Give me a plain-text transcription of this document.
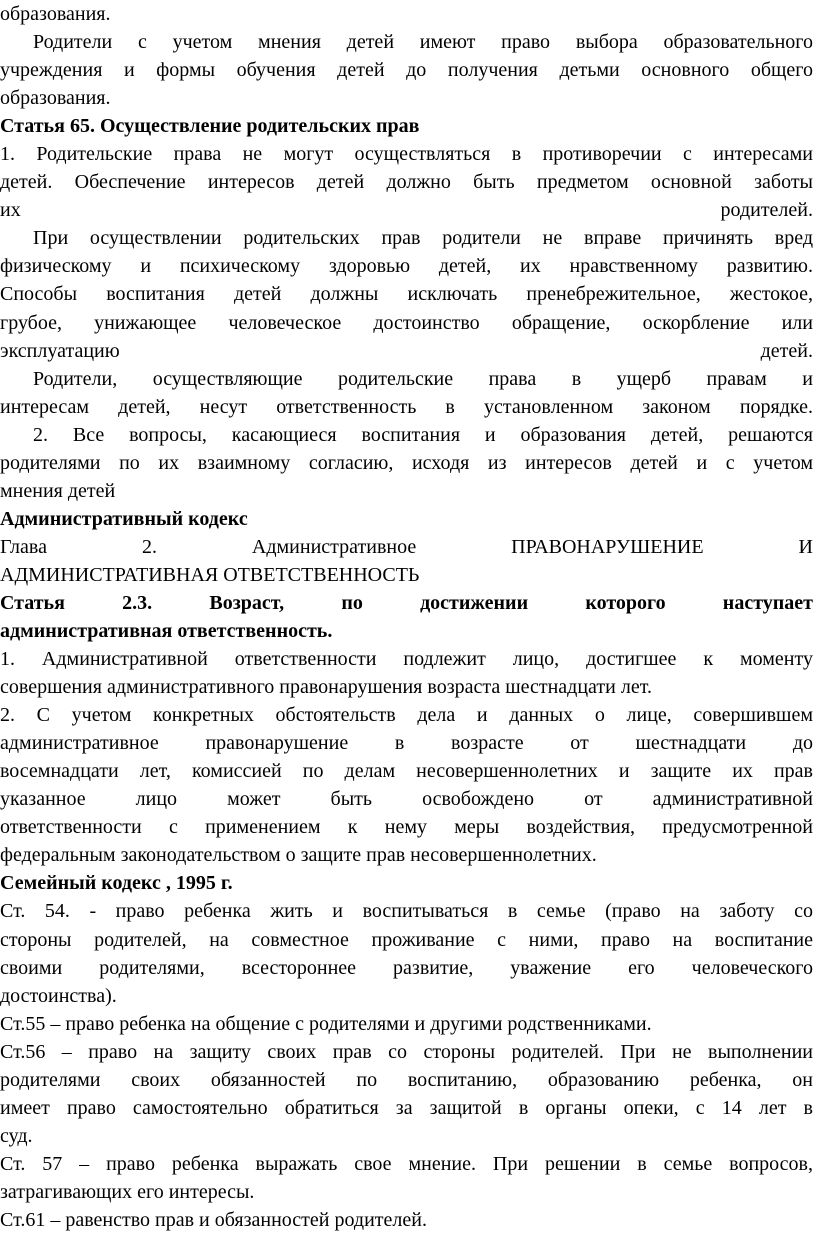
образования.
Родители с учетом мнения детей имеют право выбора образовательного
учреждения и формы обучения детей до получения детьми основного общего
образования.
Статья 65. Осуществление родительских прав
1. Родительские права не могут осуществляться в противоречии с интересами
детей. Обеспечение интересов детей должно быть предметом основной заботы
их родителей.
При осуществлении родительских прав родители не вправе причинять вред
физическому и психическому здоровью детей, их нравственному развитию.
Способы воспитания детей должны исключать пренебрежительное, жестокое,
грубое, унижающее человеческое достоинство обращение, оскорбление или
эксплуатацию детей.
Родители, осуществляющие родительские права в ущерб правам и
интересам детей, несут ответственность в установленном законом порядке.
2. Все вопросы, касающиеся воспитания и образования детей, решаются
родителями по их взаимному согласию, исходя из интересов детей и с учетом
мнения детей
Административный кодекс
Глава 2. Административное ПРАВОНАРУШЕНИЕ И
АДМИНИСТРАТИВНАЯ ОТВЕТСТВЕННОСТЬ
Статья 2.3. Возраст, по достижении которого наступает
административная ответственность.
1. Административной ответственности подлежит лицо, достигшее к моменту
совершения административного правонарушения возраста шестнадцати лет.
2. С учетом конкретных обстоятельств дела и данных о лице, совершившем
административное правонарушение в возрасте от шестнадцати до
восемнадцати лет, комиссией по делам несовершеннолетних и защите их прав
указанное лицо может быть освобождено от административной
ответственности с применением к нему меры воздействия, предусмотренной
федеральным законодательством о защите прав несовершеннолетних.
Семейный кодекс , 1995 г.
Ст. 54. - право ребенка жить и воспитываться в семье (право на заботу со
стороны родителей, на совместное проживание с ними, право на воспитание
своими родителями, всестороннее развитие, уважение его человеческого
достоинства).
Ст.55 – право ребенка на общение с родителями и другими родственниками.
Ст.56 – право на защиту своих прав со стороны родителей. При не выполнении
родителями своих обязанностей по воспитанию, образованию ребенка, он
имеет право самостоятельно обратиться за защитой в органы опеки, с 14 лет в
суд.
Ст. 57 – право ребенка выражать свое мнение. При решении в семье вопросов,
затрагивающих его интересы.
Ст.61 – равенство прав и обязанностей родителей.
